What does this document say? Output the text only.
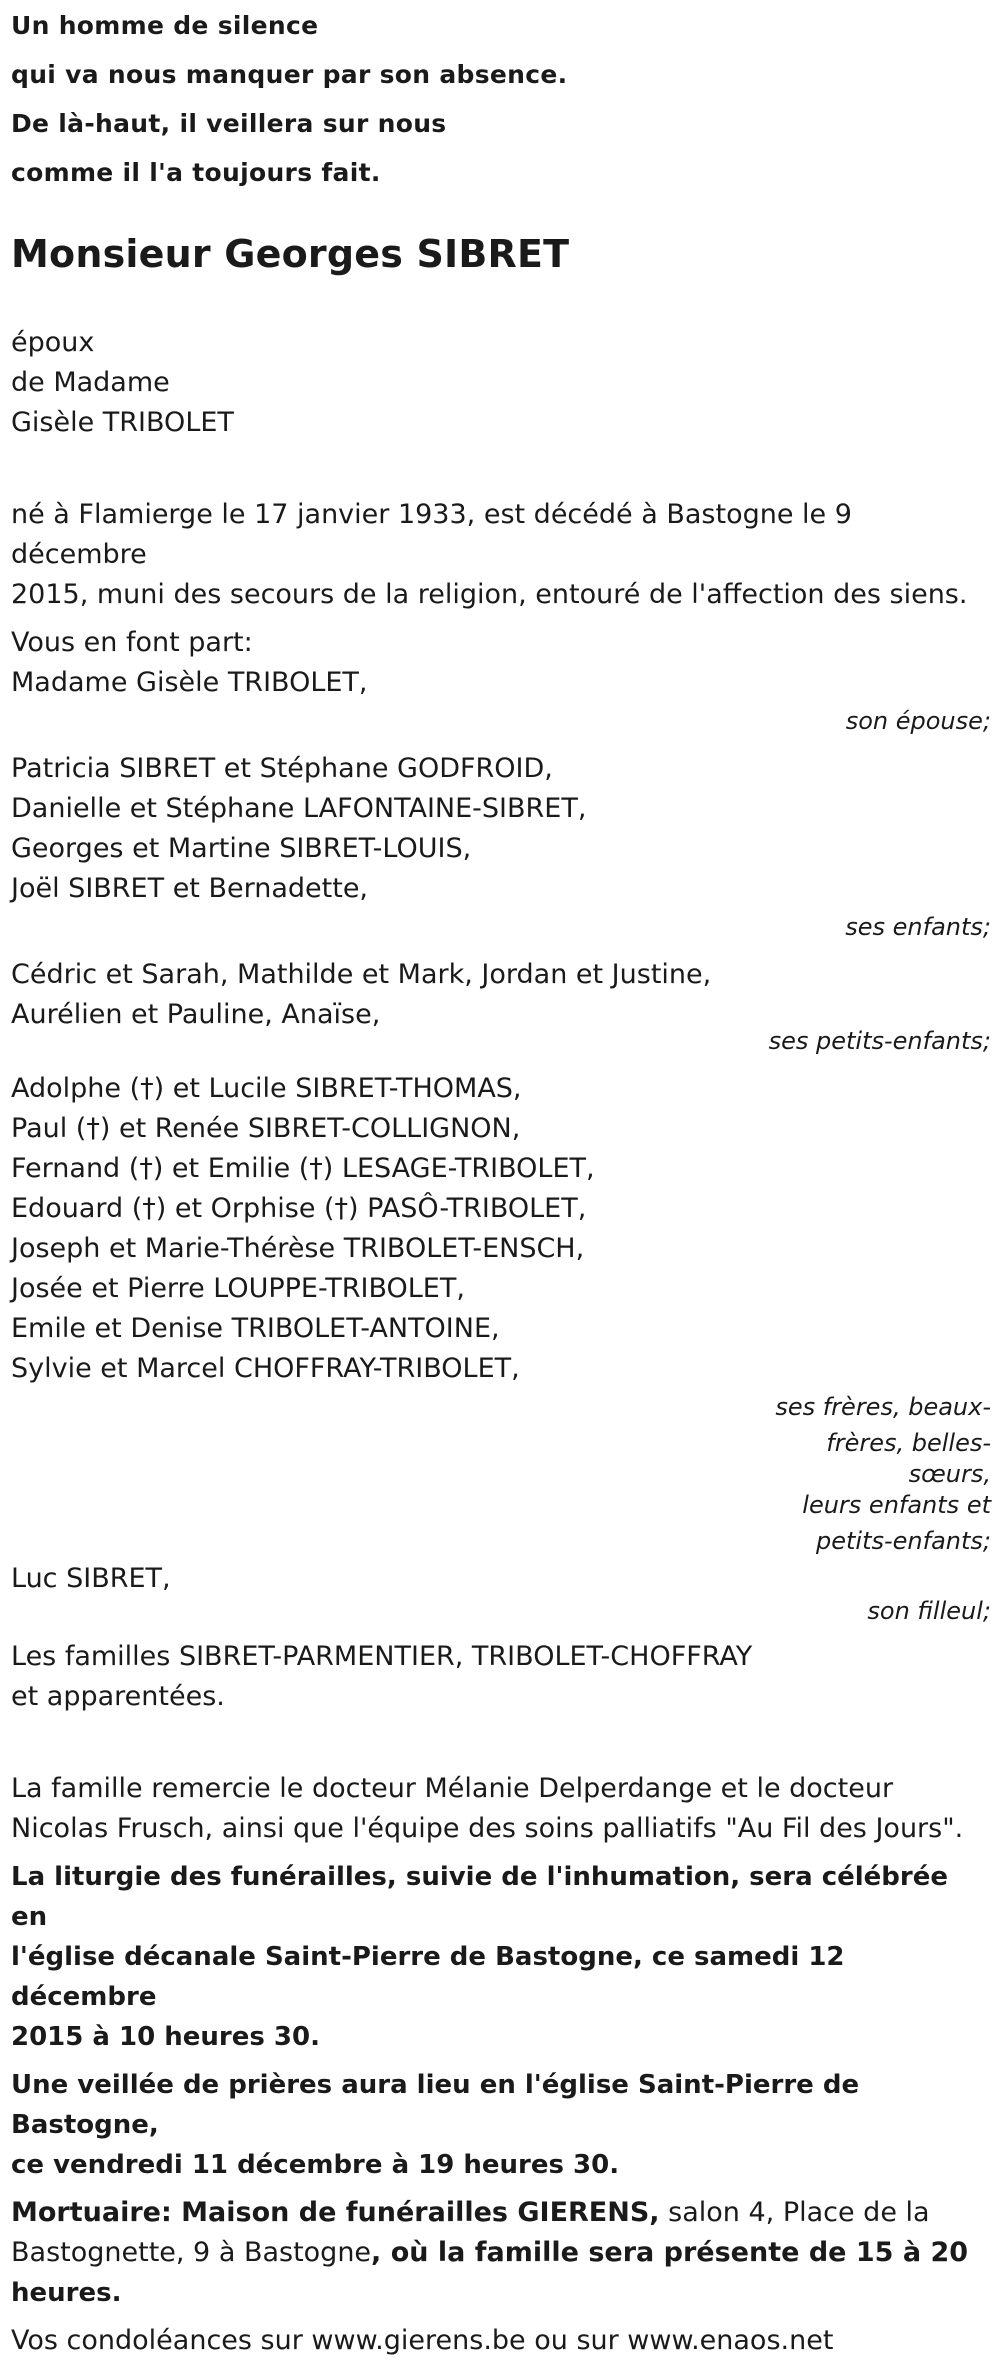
Un homme de silence

qui va nous manquer par son absence.

De là-haut, il veillera sur nous

comme il l'a toujours fait.

Monsieur Georges SIBRET

époux

de Madame

Gisèle TRIBOLET

né à Flamierge le 17 janvier 1933, est décédé à Bastogne le 9 décembre

2015, muni des secours de la religion, entouré de l'affection des siens.

Vous en font part:

Madame Gisèle TRIBOLET,

son épouse;

Patricia SIBRET et Stéphane GODFROID,

Danielle et Stéphane LAFONTAINE-SIBRET,

Georges et Martine SIBRET-LOUIS,

Joël SIBRET et Bernadette,

ses enfants;

Cédric et Sarah, Mathilde et Mark, Jordan et Justine,

Aurélien et Pauline, Anaïse,

ses petits-enfants;

Adolphe (†) et Lucile SIBRET-THOMAS,

Paul (†) et Renée SIBRET-COLLIGNON,

Fernand (†) et Emilie (†) LESAGE-TRIBOLET,

Edouard (†) et Orphise (†) PASÔ-TRIBOLET,

Joseph et Marie-Thérèse TRIBOLET-ENSCH,

Josée et Pierre LOUPPE-TRIBOLET,

Emile et Denise TRIBOLET-ANTOINE,

Sylvie et Marcel CHOFFRAY-TRIBOLET,

ses frères, beaux-

frères, belles-

sœurs,

leurs enfants et

petits-enfants;

Luc SIBRET,

son filleul;

Les familles SIBRET-PARMENTIER, TRIBOLET-CHOFFRAY

et apparentées.

La famille remercie le docteur Mélanie Delperdange et le docteur

Nicolas Frusch, ainsi que l'équipe des soins palliatifs "Au Fil des Jours".

La liturgie des funérailles, suivie de l'inhumation, sera célébrée en

l'église décanale Saint-Pierre de Bastogne, ce samedi 12 décembre

2015 à 10 heures 30.

Une veillée de prières aura lieu en l'église Saint-Pierre de Bastogne,

ce vendredi 11 décembre à 19 heures 30.

Mortuaire: Maison de funérailles GIERENS, salon 4, Place de la

Bastognette, 9 à Bastogne, où la famille sera présente de 15 à 20

heures.

Vos condoléances sur www.gierens.be ou sur www.enaos.net
